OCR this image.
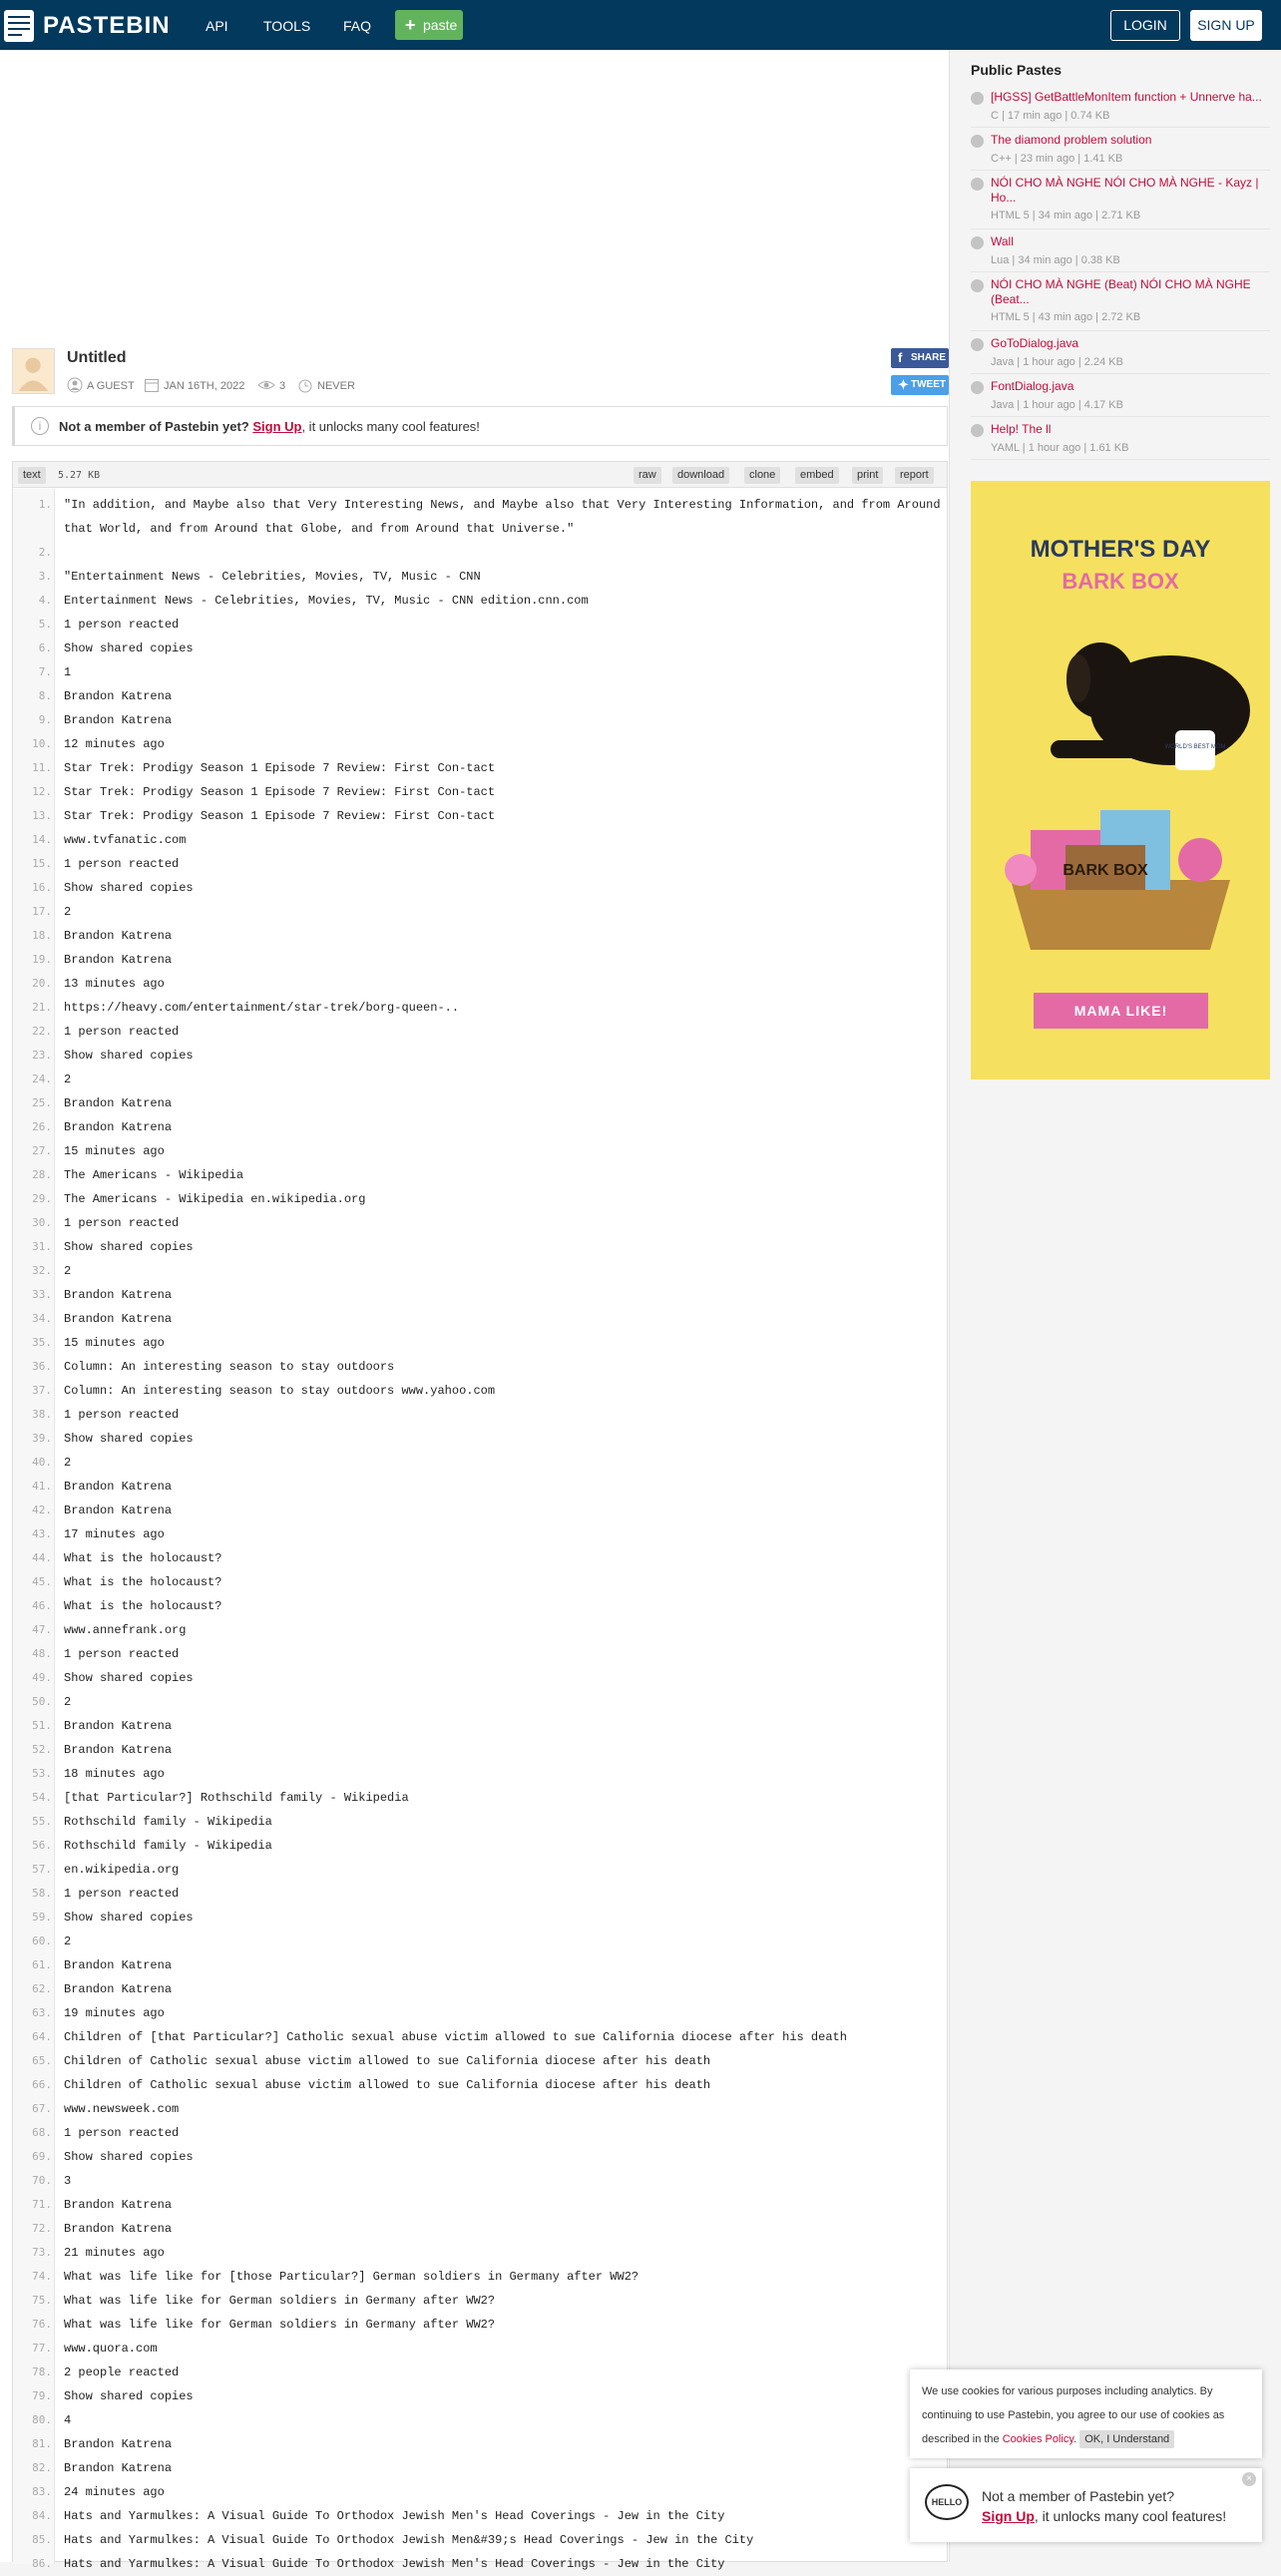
PASTEBIN	API	TOOLS FAQ + paste	LOGIN	SIGN UP
Untitled
A GUEST	JAN 16TH, 2022	3	NEVER
f SHARE
✦ TWEET
i	Not a member of Pastebin yet? Sign Up, it unlocks many cool features!
text	5.27 KB	raw	download	clone	embed	print	report
1. "In addition, and Maybe also that Very Interesting News, and Maybe also that Very Interesting Information, and from Around
that World, and from Around that Globe, and from Around that Universe."
2.
3. "Entertainment News - Celebrities, Movies, TV, Music - CNN
4. Entertainment News - Celebrities, Movies, TV, Music - CNN edition.cnn.com
5. 1 person reacted
6. Show shared copies
7. 1
8. Brandon Katrena
9. Brandon Katrena
10. 12 minutes ago
11. Star Trek: Prodigy Season 1 Episode 7 Review: First Con-tact
12. Star Trek: Prodigy Season 1 Episode 7 Review: First Con-tact
13. Star Trek: Prodigy Season 1 Episode 7 Review: First Con-tact
14. www.tvfanatic.com
15. 1 person reacted
16. Show shared copies
17. 2
18. Brandon Katrena
19. Brandon Katrena
20. 13 minutes ago
21. https://heavy.com/entertainment/star-trek/borg-queen-..
22. 1 person reacted
23. Show shared copies
24. 2
25. Brandon Katrena
26. Brandon Katrena
27. 15 minutes ago
28. The Americans - Wikipedia
29. The Americans - Wikipedia en.wikipedia.org
30. 1 person reacted
31. Show shared copies
32. 2
33. Brandon Katrena
34. Brandon Katrena
35. 15 minutes ago
36. Column: An interesting season to stay outdoors
37. Column: An interesting season to stay outdoors www.yahoo.com
38. 1 person reacted
39. Show shared copies
40. 2
41. Brandon Katrena
42. Brandon Katrena
43. 17 minutes ago
44. What is the holocaust?
45. What is the holocaust?
46. What is the holocaust?
47. www.annefrank.org
48. 1 person reacted
49. Show shared copies
50. 2
51. Brandon Katrena
52. Brandon Katrena
53. 18 minutes ago
54. [that Particular?] Rothschild family - Wikipedia
55. Rothschild family - Wikipedia
56. Rothschild family - Wikipedia
57. en.wikipedia.org
58. 1 person reacted
59. Show shared copies
60. 2
61. Brandon Katrena
62. Brandon Katrena
63. 19 minutes ago
64. Children of [that Particular?] Catholic sexual abuse victim allowed to sue California diocese after his death
65. Children of Catholic sexual abuse victim allowed to sue California diocese after his death
66. Children of Catholic sexual abuse victim allowed to sue California diocese after his death
67. www.newsweek.com
68. 1 person reacted
69. Show shared copies
70. 3
71. Brandon Katrena
72. Brandon Katrena
73. 21 minutes ago
74. What was life like for [those Particular?] German soldiers in Germany after WW2?
75. What was life like for German soldiers in Germany after WW2?
76. What was life like for German soldiers in Germany after WW2?
77. www.quora.com
78. 2 people reacted
79. Show shared copies
80. 4
81. Brandon Katrena
82. Brandon Katrena
83. 24 minutes ago
84. Hats and Yarmulkes: A Visual Guide To Orthodox Jewish Men's Head Coverings - Jew in the City
85. Hats and Yarmulkes: A Visual Guide To Orthodox Jewish Men&#39;s Head Coverings - Jew in the City
86. Hats and Yarmulkes: A Visual Guide To Orthodox Jewish Men's Head Coverings - Jew in the City
Public Pastes
[HGSS] GetBattleMonItem function + Unnerve ha...
C | 17 min ago | 0.74 KB
The diamond problem solution
C++ | 23 min ago | 1.41 KB
NÓI CHO MÀ NGHE NÓI CHO MÀ NGHE - Kayz | Ho...
HTML 5 | 34 min ago | 2.71 KB
Wall
Lua | 34 min ago | 0.38 KB
NÓI CHO MÀ NGHE (Beat) NÓI CHO MÀ NGHE (Beat...
HTML 5 | 43 min ago | 2.72 KB
GoToDialog.java
Java | 1 hour ago | 2.24 KB
FontDialog.java
Java | 1 hour ago | 4.17 KB
Help! The ll
YAML | 1 hour ago | 1.61 KB
MOTHER'S DAY
BARK BOX
WORLD'S BEST MOM
BARK BOX
MAMA LIKE!
We use cookies for various purposes including analytics. By continuing to use Pastebin, you agree to our use of cookies as described in the Cookies Policy. OK, I Understand
HELLO	Not a member of Pastebin yet?
Sign Up, it unlocks many cool features!
×
